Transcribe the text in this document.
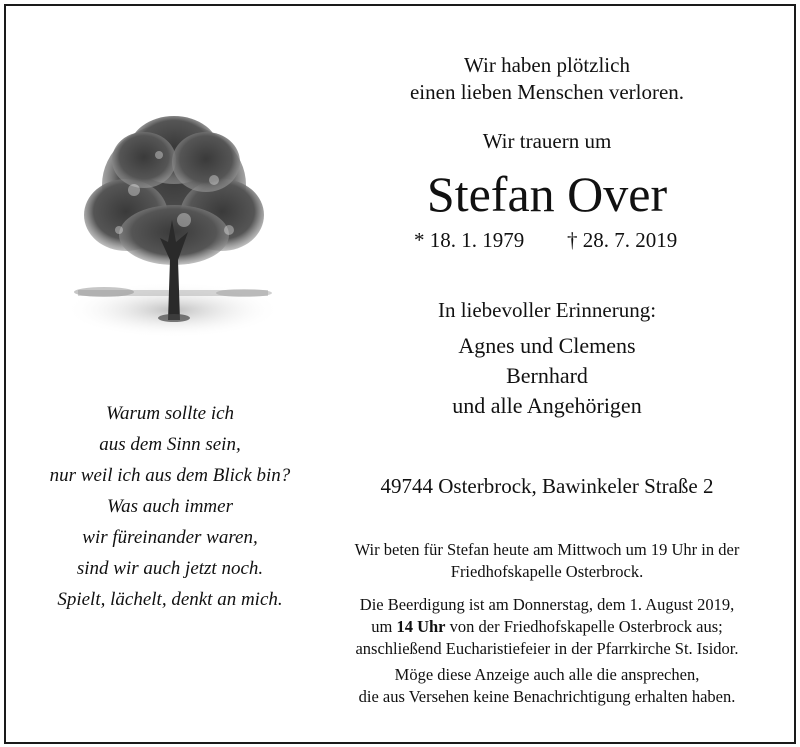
Wir haben plötzlich
einen lieben Menschen verloren.
Wir trauern um
Stefan Over
* 18. 1. 1979 † 28. 7. 2019
In liebevoller Erinnerung:
Agnes und Clemens
Bernhard
und alle Angehörigen
49744 Osterbrock, Bawinkeler Straße 2
Wir beten für Stefan heute am Mittwoch um 19 Uhr in der
Friedhofskapelle Osterbrock.
Die Beerdigung ist am Donnerstag, dem 1. August 2019,
um 14 Uhr von der Friedhofskapelle Osterbrock aus;
anschließend Eucharistiefeier in der Pfarrkirche St. Isidor.
Möge diese Anzeige auch alle die ansprechen,
die aus Versehen keine Benachrichtigung erhalten haben.
Warum sollte ich
aus dem Sinn sein,
nur weil ich aus dem Blick bin?
Was auch immer
wir füreinander waren,
sind wir auch jetzt noch.
Spielt, lächelt, denkt an mich.
